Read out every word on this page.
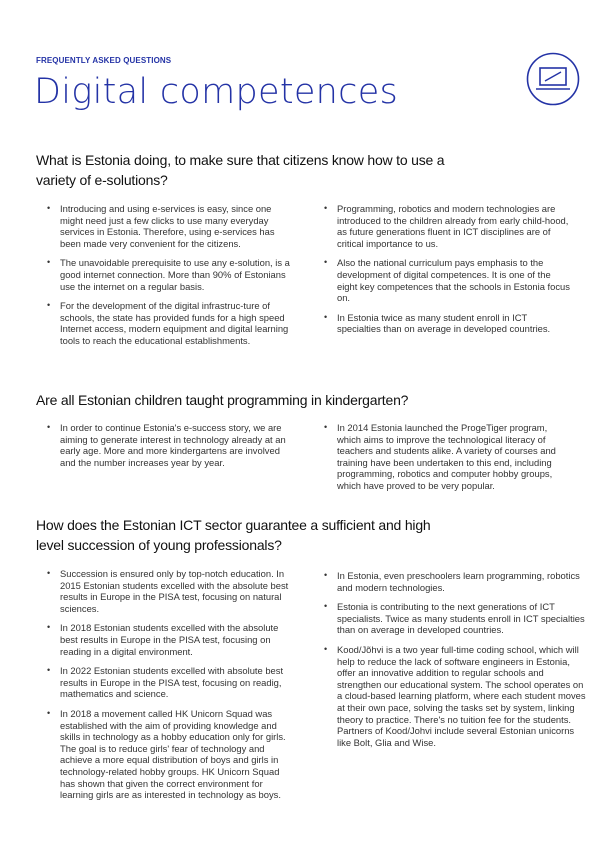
FREQUENTLY ASKED QUESTIONS
Digital competences
What is Estonia doing, to make sure that citizens know how to use a variety of e-solutions?
• Introducing and using e-services is easy, since one might need just a few clicks to use many everyday services in Estonia. Therefore, using e-services has been made very convenient for the citizens.
• The unavoidable prerequisite to use any e-solution, is a good internet connection. More than 90% of Estonians use the internet on a regular basis.
• For the development of the digital infrastruc-ture of schools, the state has provided funds for a high speed Internet access, modern equipment and digital learning tools to reach the educational establishments.
• Programming, robotics and modern technologies are introduced to the children already from early child-hood, as future generations fluent in ICT disciplines are of critical importance to us.
• Also the national curriculum pays emphasis to the development of digital competences. It is one of the eight key competences that the schools in Estonia focus on.
• In Estonia twice as many student enroll in ICT specialties than on average in developed countries.
Are all Estonian children taught programming in kindergarten?
• In order to continue Estonia's e-success story, we are aiming to generate interest in technology already at an early age. More and more kindergartens are involved and the number increases year by year.
• In 2014 Estonia launched the ProgeTiger program, which aims to improve the technological literacy of teachers and students alike. A variety of courses and training have been undertaken to this end, including programming, robotics and computer hobby groups, which have proved to be very popular.
How does the Estonian ICT sector guarantee a sufficient and high level succession of young professionals?
• Succession is ensured only by top-notch education. In 2015 Estonian students excelled with the absolute best results in Europe in the PISA test, focusing on natural sciences.
• In 2018 Estonian students excelled with the absolute best results in Europe in the PISA test, focusing on reading in a digital environment.
• In 2022 Estonian students excelled with absolute best results in Europe in the PISA test, focusing on readig, mathematics and science.
• In 2018 a movement called HK Unicorn Squad was established with the aim of providing knowledge and skills in technology as a hobby education only for girls. The goal is to reduce girls' fear of technology and achieve a more equal distribution of boys and girls in technology-related hobby groups. HK Unicorn Squad has shown that given the correct environment for learning girls are as interested in technology as boys.
• In Estonia, even preschoolers learn programming, robotics and modern technologies.
• Estonia is contributing to the next generations of ICT specialists. Twice as many students enroll in ICT specialties than on average in developed countries.
• Kood/Jõhvi is a two year full-time coding school, which will help to reduce the lack of software engineers in Estonia, offer an innovative addition to regular schools and strengthen our educational system. The school operates on a cloud-based learning platform, where each student moves at their own pace, solving the tasks set by system, linking theory to practice. There's no tuition fee for the students. Partners of Kood/Johvi include several Estonian unicorns like Bolt, Glia and Wise.
